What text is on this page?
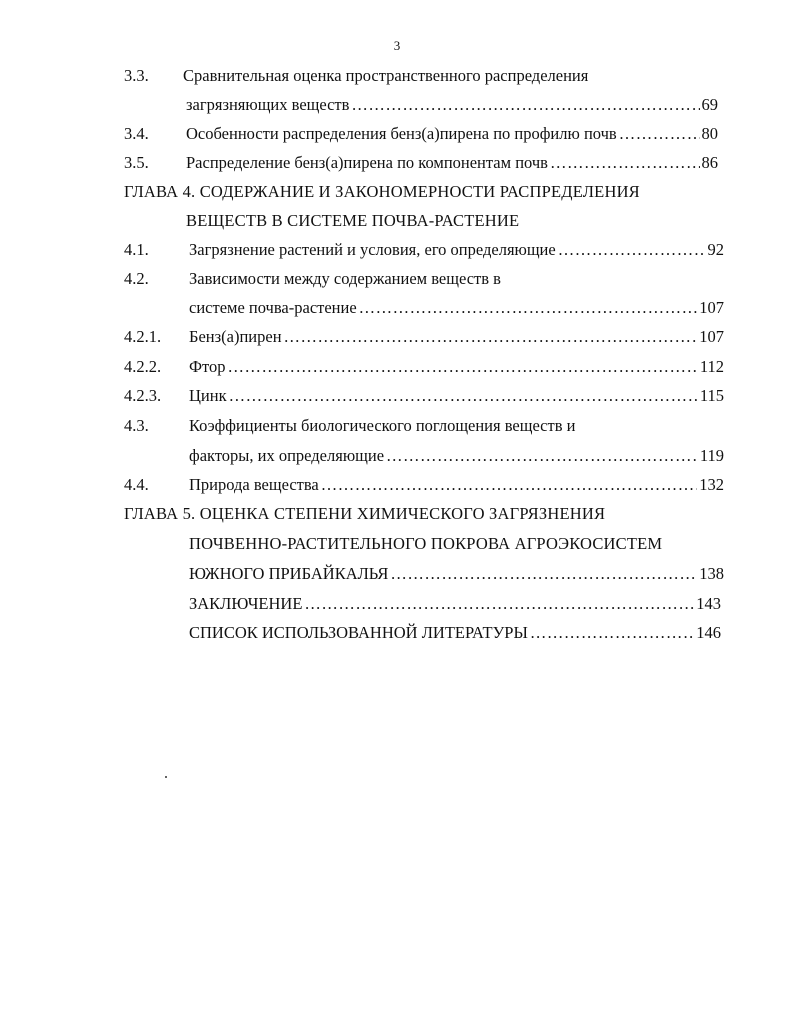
3
3.3. Сравнительная оценка пространственного распределения
загрязняющих веществ …………………………………………………………………………………………………………………………………………………………………………	69
3.4. Особенности распределения бенз(а)пирена по профилю почв …………………………………………………………………………………………………………………………………………………………………………	80
3.5. Распределение бенз(а)пирена по компонентам почв …………………………………………………………………………………………………………………………………………………………………………	86
ГЛАВА 4. СОДЕРЖАНИЕ И ЗАКОНОМЕРНОСТИ РАСПРЕДЕЛЕНИЯ
ВЕЩЕСТВ В СИСТЕМЕ ПОЧВА-РАСТЕНИЕ
4.1. Загрязнение растений и условия, его определяющие …………………………………………………………………………………………………………………………………………………………………………	92
4.2. Зависимости между содержанием веществ в
системе почва-растение …………………………………………………………………………………………………………………………………………………………………………	107
4.2.1. Бенз(а)пирен …………………………………………………………………………………………………………………………………………………………………………	107
4.2.2. Фтор …………………………………………………………………………………………………………………………………………………………………………	112
4.2.3. Цинк …………………………………………………………………………………………………………………………………………………………………………	115
4.3. Коэффициенты биологического поглощения веществ и
факторы, их определяющие …………………………………………………………………………………………………………………………………………………………………………	119
4.4. Природа вещества …………………………………………………………………………………………………………………………………………………………………………	132
ГЛАВА 5. ОЦЕНКА СТЕПЕНИ ХИМИЧЕСКОГО ЗАГРЯЗНЕНИЯ
ПОЧВЕННО-РАСТИТЕЛЬНОГО ПОКРОВА АГРОЭКОСИСТЕМ
ЮЖНОГО ПРИБАЙКАЛЬЯ …………………………………………………………………………………………………………………………………………………………………………	138
ЗАКЛЮЧЕНИЕ …………………………………………………………………………………………………………………………………………………………………………	143
СПИСОК ИСПОЛЬЗОВАННОЙ ЛИТЕРАТУРЫ …………………………………………………………………………………………………………………………………………………………………………	146
